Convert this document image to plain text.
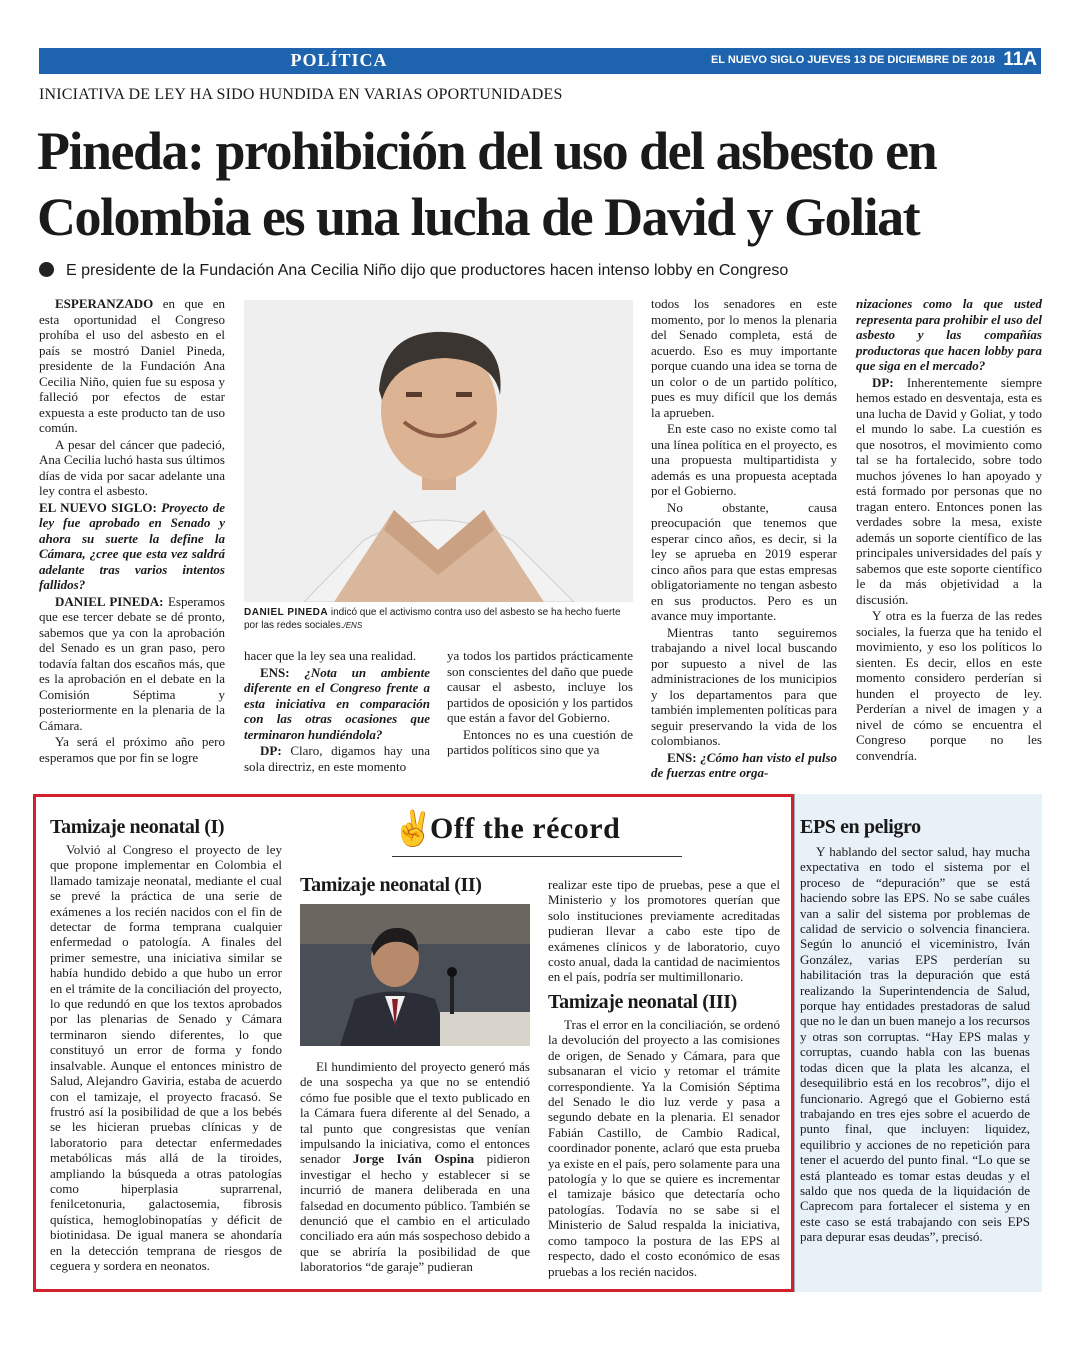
POLÍTICA	EL NUEVO SIGLO JUEVES 13 DE DICIEMBRE DE 2018 11A
INICIATIVA DE LEY HA SIDO HUNDIDA EN VARIAS OPORTUNIDADES
Pineda: prohibición del uso del asbesto en Colombia es una lucha de David y Goliat
E presidente de la Fundación Ana Cecilia Niño dijo que productores hacen intenso lobby en Congreso

ESPERANZADO en que en esta oportunidad el Congreso prohíba el uso del asbesto en el país se mostró Daniel Pineda, presidente de la Fundación Ana Cecilia Niño, quien fue su esposa y falleció por efectos de estar expuesta a este producto tan de uso común.

A pesar del cáncer que padeció, Ana Cecilia luchó hasta sus últimos días de vida por sacar adelante una ley contra el asbesto.

EL NUEVO SIGLO: Proyecto de ley fue aprobado en Senado y ahora su suerte la define la Cámara, ¿cree que esta vez saldrá adelante tras varios intentos fallidos?

DANIEL PINEDA: Esperamos que ese tercer debate se dé pronto, sabemos que ya con la aprobación del Senado es un gran paso, pero todavía faltan dos escaños más, que es la aprobación en el debate en la Comisión Séptima y posteriormente en la plenaria de la Cámara.

Ya será el próximo año pero esperamos que por fin se logre

DANIEL PINEDA indicó que el activismo contra uso del asbesto se ha hecho fuerte por las redes sociales./ENS

hacer que la ley sea una realidad.

ENS: ¿Nota un ambiente diferente en el Congreso frente a esta iniciativa en comparación con las otras ocasiones que terminaron hundiéndola?

DP: Claro, digamos hay una sola directriz, en este momento

ya todos los partidos prácticamente son conscientes del daño que puede causar el asbesto, incluye los partidos de oposición y los partidos que están a favor del Gobierno.

Entonces no es una cuestión de partidos políticos sino que ya

todos los senadores en este momento, por lo menos la plenaria del Senado completa, está de acuerdo. Eso es muy importante porque cuando una idea se torna de un color o de un partido político, pues es muy difícil que los demás la aprueben.

En este caso no existe como tal una línea política en el proyecto, es una propuesta multipartidista y además es una propuesta aceptada por el Gobierno.

No obstante, causa preocupación que tenemos que esperar cinco años, es decir, si la ley se aprueba en 2019 esperar cinco años para que estas empresas obligatoriamente no tengan asbesto en sus productos. Pero es un avance muy importante.

Mientras tanto seguiremos trabajando a nivel local buscando por supuesto a nivel de las administraciones de los municipios y los departamentos para que también implementen políticas para seguir preservando la vida de los colombianos.

ENS: ¿Cómo han visto el pulso de fuerzas entre orga-

nizaciones como la que usted representa para prohibir el uso del asbesto y las compañías productoras que hacen lobby para que siga en el mercado?

DP: Inherentemente siempre hemos estado en desventaja, esta es una lucha de David y Goliat, y todo el mundo lo sabe. La cuestión es que nosotros, el movimiento como tal se ha fortalecido, sobre todo muchos jóvenes lo han apoyado y está formado por personas que no tragan entero. Entonces ponen las verdades sobre la mesa, existe además un soporte científico de las principales universidades del país y sabemos que este soporte científico le da más objetividad a la discusión.

Y otra es la fuerza de las redes sociales, la fuerza que ha tenido el movimiento, y eso los políticos lo sienten. Es decir, ellos en este momento considero perderían si hunden el proyecto de ley. Perderían a nivel de imagen y a nivel de cómo se encuentra el Congreso porque no les convendría.

✌
Off the récord
Tamizaje neonatal (I)

Volvió al Congreso el proyecto de ley que propone implementar en Colombia el llamado tamizaje neonatal, mediante el cual se prevé la práctica de una serie de exámenes a los recién nacidos con el fin de detectar de forma temprana cualquier enfermedad o patología. A finales del primer semestre, una iniciativa similar se había hundido debido a que hubo un error en el trámite de la conciliación del proyecto, lo que redundó en que los textos aprobados por las plenarias de Senado y Cámara terminaron siendo diferentes, lo que constituyó un error de forma y fondo insalvable. Aunque el entonces ministro de Salud, Alejandro Gaviria, estaba de acuerdo con el tamizaje, el proyecto fracasó. Se frustró así la posibilidad de que a los bebés se les hicieran pruebas clínicas y de laboratorio para detectar enfermedades metabólicas más allá de la tiroides, ampliando la búsqueda a otras patologías como hiperplasia suprarrenal, fenilcetonuria, galactosemia, fibrosis quística, hemoglobinopatías y déficit de biotinidasa. De igual manera se ahondaría en la detección temprana de riesgos de ceguera y sordera en neonatos.

Tamizaje neonatal (II)

El hundimiento del proyecto generó más de una sospecha ya que no se entendió cómo fue posible que el texto publicado en la Cámara fuera diferente al del Senado, a tal punto que congresistas que venían impulsando la iniciativa, como el entonces senador Jorge Iván Ospina pidieron investigar el hecho y establecer si se incurrió de manera deliberada en una falsedad en documento público. También se denunció que el cambio en el articulado conciliado era aún más sospechoso debido a que se abriría la posibilidad de que laboratorios “de garaje” pudieran

realizar este tipo de pruebas, pese a que el Ministerio y los promotores querían que solo instituciones previamente acreditadas pudieran llevar a cabo este tipo de exámenes clínicos y de laboratorio, cuyo costo anual, dada la cantidad de nacimientos en el país, podría ser multimillonario.

Tamizaje neonatal (III)

Tras el error en la conciliación, se ordenó la devolución del proyecto a las comisiones de origen, de Senado y Cámara, para que subsanaran el vicio y retomar el trámite correspondiente. Ya la Comisión Séptima del Senado le dio luz verde y pasa a segundo debate en la plenaria. El senador Fabián Castillo, de Cambio Radical, coordinador ponente, aclaró que esta prueba ya existe en el país, pero solamente para una patología y lo que se quiere es incrementar el tamizaje básico que detectaría ocho patologías. Todavía no se sabe si el Ministerio de Salud respalda la iniciativa, como tampoco la postura de las EPS al respecto, dado el costo económico de esas pruebas a los recién nacidos.

EPS en peligro

Y hablando del sector salud, hay mucha expectativa en todo el sistema por el proceso de “depuración” que se está haciendo sobre las EPS. No se sabe cuáles van a salir del sistema por problemas de calidad de servicio o solvencia financiera. Según lo anunció el viceministro, Iván González, varias EPS perderían su habilitación tras la depuración que está realizando la Superintendencia de Salud, porque hay entidades prestadoras de salud que no le dan un buen manejo a los recursos y otras son corruptas. “Hay EPS malas y corruptas, cuando habla con las buenas todas dicen que la plata les alcanza, el desequilibrio está en los recobros”, dijo el funcionario. Agregó que el Gobierno está trabajando en tres ejes sobre el acuerdo de punto final, que incluyen: liquidez, equilibrio y acciones de no repetición para tener el acuerdo del punto final. “Lo que se está planteado es tomar estas deudas y el saldo que nos queda de la liquidación de Caprecom para fortalecer el sistema y en este caso se está trabajando con seis EPS para depurar esas deudas”, precisó.
